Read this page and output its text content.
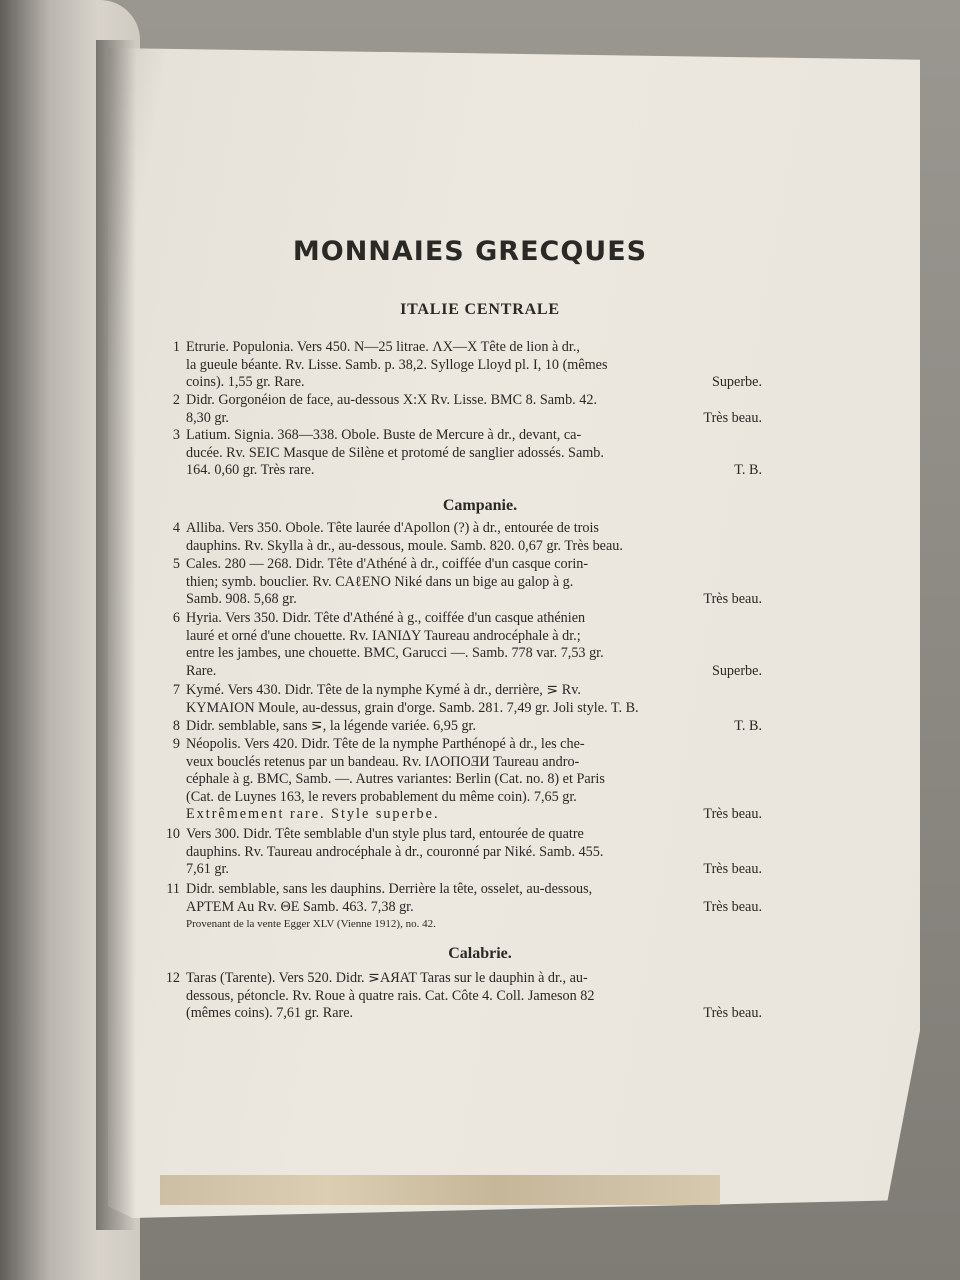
MONNAIES GRECQUES
ITALIE CENTRALE
1 Etrurie. Populonia. Vers 450. N—25 litrae. ΛX—X Tête de lion à dr.,
la gueule béante. Rv. Lisse. Samb. p. 38,2. Sylloge Lloyd pl. I, 10 (mêmes
coins). 1,55 gr. Rare.	Superbe.
2 Didr. Gorgonéion de face, au-dessous X:X Rv. Lisse. BMC 8. Samb. 42.
8,30 gr.	Très beau.
3 Latium. Signia. 368—338. Obole. Buste de Mercure à dr., devant, ca-
ducée. Rv. SEIC Masque de Silène et protomé de sanglier adossés. Samb.
164. 0,60 gr. Très rare.	T. B.
Campanie.
4 Alliba. Vers 350. Obole. Tête laurée d'Apollon (?) à dr., entourée de trois
dauphins. Rv. Skylla à dr., au-dessous, moule. Samb. 820. 0,67 gr. Très beau.
5 Cales. 280 — 268. Didr. Tête d'Athéné à dr., coiffée d'un casque corin-
thien; symb. bouclier. Rv. CAℓENO Niké dans un bige au galop à g.
Samb. 908. 5,68 gr.	Très beau.
6 Hyria. Vers 350. Didr. Tête d'Athéné à g., coiffée d'un casque athénien
lauré et orné d'une chouette. Rv. IANIΔY Taureau androcéphale à dr.;
entre les jambes, une chouette. BMC, Garucci —. Samb. 778 var. 7,53 gr.
Rare.	Superbe.
7 Kymé. Vers 430. Didr. Tête de la nymphe Kymé à dr., derrière, ⋝ Rv.
KYMAION Moule, au-dessus, grain d'orge. Samb. 281. 7,49 gr. Joli style. T. B.
8 Didr. semblable, sans ⋝, la légende variée. 6,95 gr.	T. B.
9 Néopolis. Vers 420. Didr. Tête de la nymphe Parthénopé à dr., les che-
veux bouclés retenus par un bandeau. Rv. IΛOΠOƎИ Taureau andro-
céphale à g. BMC, Samb. —. Autres variantes: Berlin (Cat. no. 8) et Paris
(Cat. de Luynes 163, le revers probablement du même coin). 7,65 gr.
Extrêmement rare. Style superbe.	Très beau.
10 Vers 300. Didr. Tête semblable d'un style plus tard, entourée de quatre
dauphins. Rv. Taureau androcéphale à dr., couronné par Niké. Samb. 455.
7,61 gr.	Très beau.
11 Didr. semblable, sans les dauphins. Derrière la tête, osselet, au-dessous,
APTEM Au Rv. ΘE Samb. 463. 7,38 gr.	Très beau.
Provenant de la vente Egger XLV (Vienne 1912), no. 42.
Calabrie.
12 Taras (Tarente). Vers 520. Didr. ⋝AЯAT Taras sur le dauphin à dr., au-
dessous, pétoncle. Rv. Roue à quatre rais. Cat. Côte 4. Coll. Jameson 82
(mêmes coins). 7,61 gr. Rare.	Très beau.
